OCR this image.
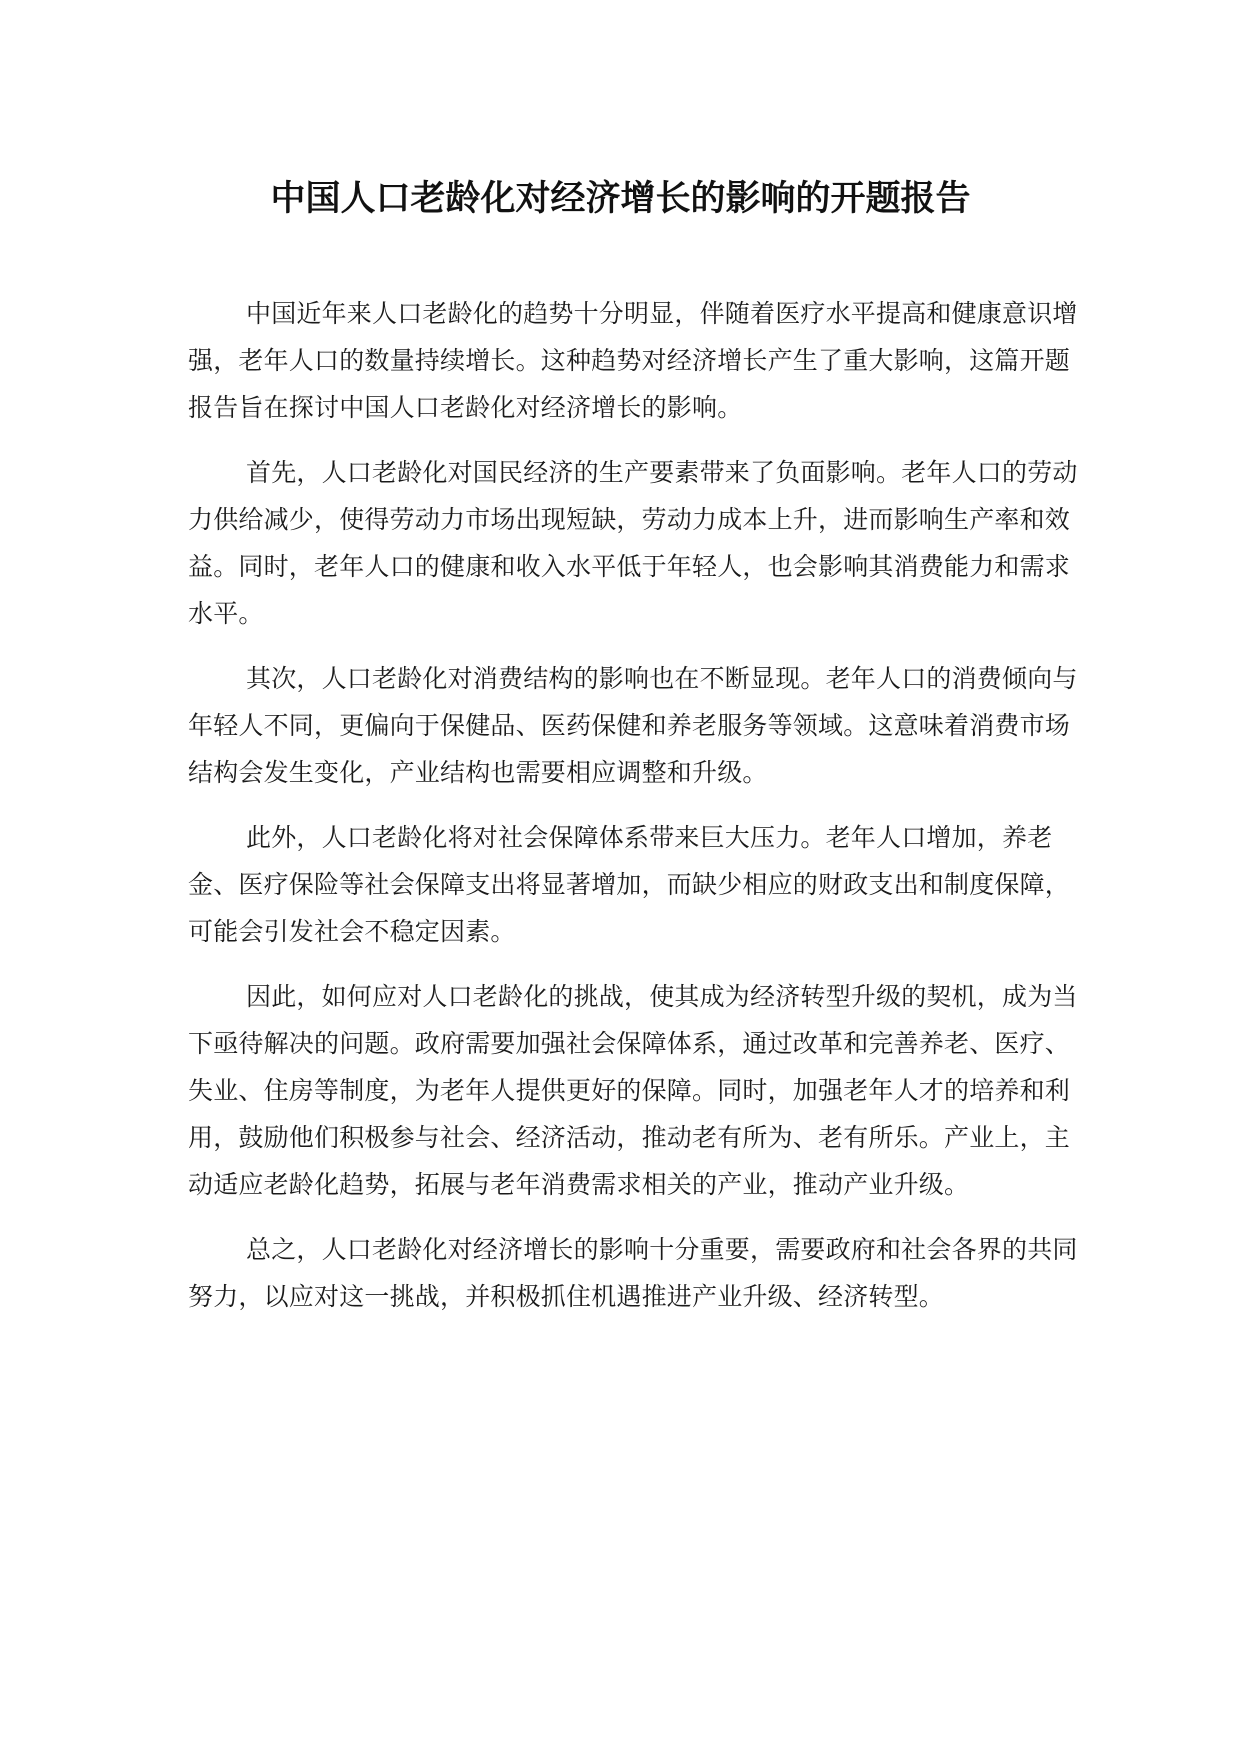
中国人口老龄化对经济增长的影响的开题报告

中国近年来人口老龄化的趋势十分明显，伴随着医疗水平提高和健康意识增强，老年人口的数量持续增长。这种趋势对经济增长产生了重大影响，这篇开题报告旨在探讨中国人口老龄化对经济增长的影响。

首先，人口老龄化对国民经济的生产要素带来了负面影响。老年人口的劳动力供给减少，使得劳动力市场出现短缺，劳动力成本上升，进而影响生产率和效益。同时，老年人口的健康和收入水平低于年轻人，也会影响其消费能力和需求水平。

其次，人口老龄化对消费结构的影响也在不断显现。老年人口的消费倾向与年轻人不同，更偏向于保健品、医药保健和养老服务等领域。这意味着消费市场结构会发生变化，产业结构也需要相应调整和升级。

此外，人口老龄化将对社会保障体系带来巨大压力。老年人口增加，养老金、医疗保险等社会保障支出将显著增加，而缺少相应的财政支出和制度保障，可能会引发社会不稳定因素。

因此，如何应对人口老龄化的挑战，使其成为经济转型升级的契机，成为当下亟待解决的问题。政府需要加强社会保障体系，通过改革和完善养老、医疗、失业、住房等制度，为老年人提供更好的保障。同时，加强老年人才的培养和利用，鼓励他们积极参与社会、经济活动，推动老有所为、老有所乐。产业上，主动适应老龄化趋势，拓展与老年消费需求相关的产业，推动产业升级。

总之，人口老龄化对经济增长的影响十分重要，需要政府和社会各界的共同努力，以应对这一挑战，并积极抓住机遇推进产业升级、经济转型。
